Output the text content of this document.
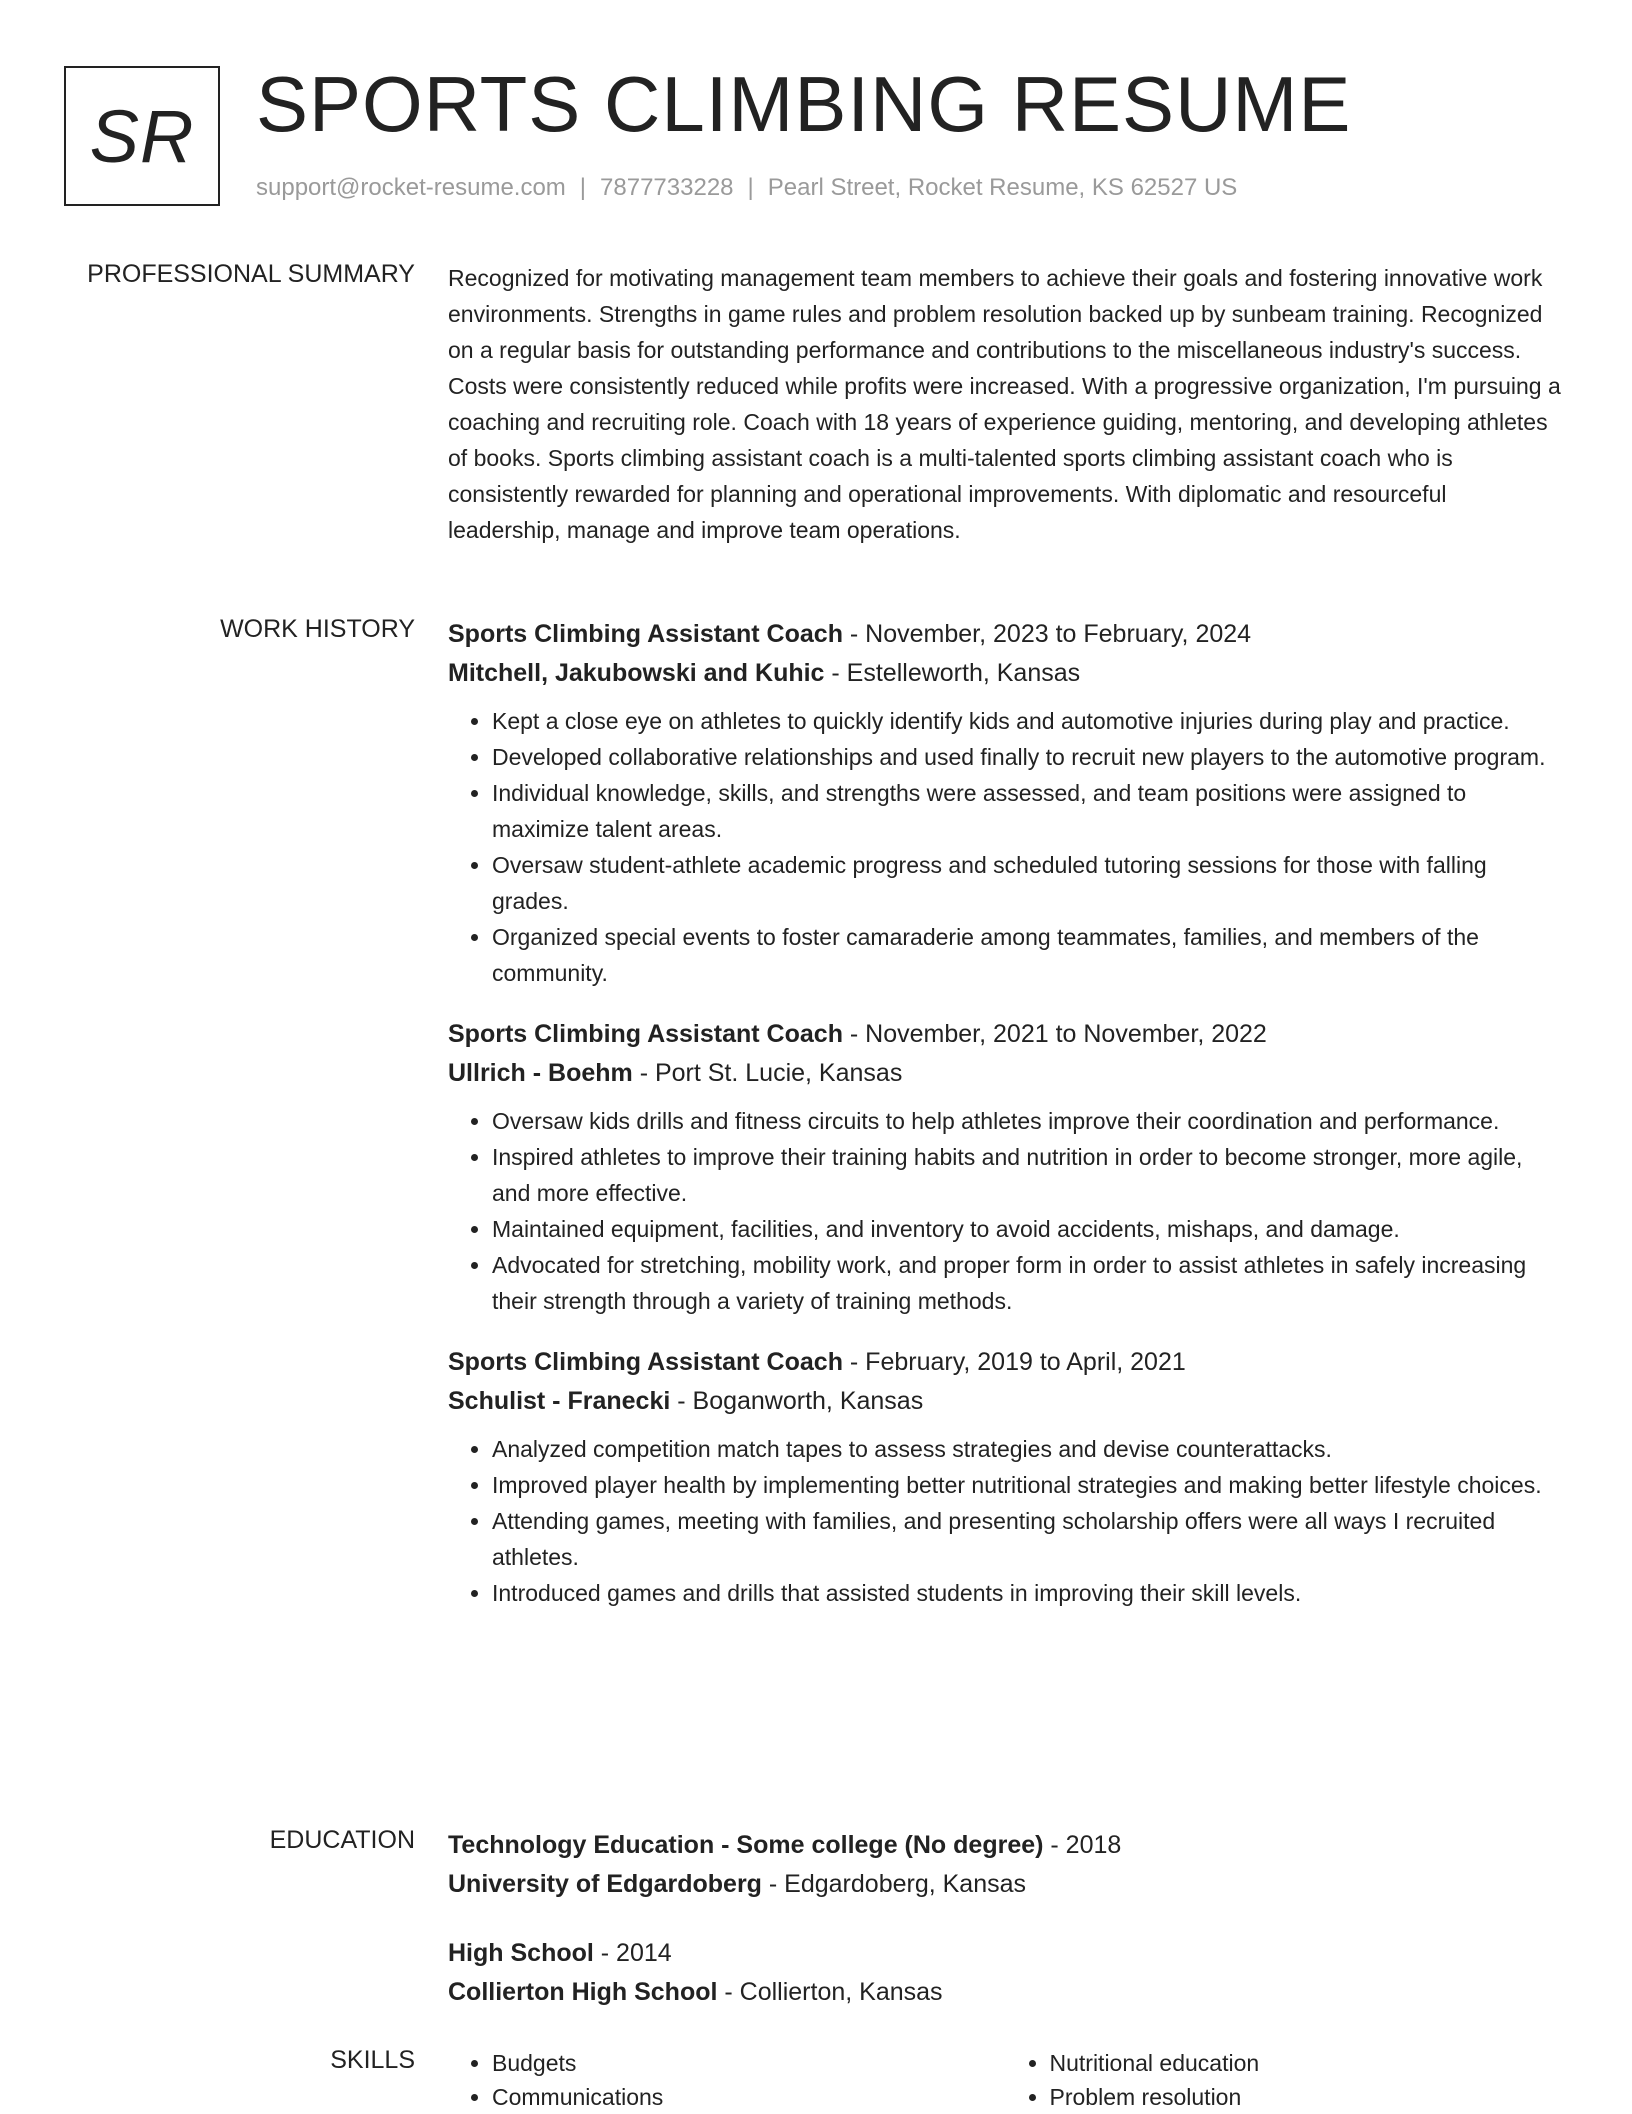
SR SPORTS CLIMBING RESUME
support@rocket-resume.com | 7877733228 | Pearl Street, Rocket Resume, KS 62527 US
PROFESSIONAL SUMMARY Recognized for motivating management team members to achieve their goals and fostering innovative work environments. Strengths in game rules and problem resolution backed up by sunbeam training. Recognized on a regular basis for outstanding performance and contributions to the miscellaneous industry's success. Costs were consistently reduced while profits were increased. With a progressive organization, I'm pursuing a coaching and recruiting role. Coach with 18 years of experience guiding, mentoring, and developing athletes of books. Sports climbing assistant coach is a multi-talented sports climbing assistant coach who is consistently rewarded for planning and operational improvements. With diplomatic and resourceful leadership, manage and improve team operations.

WORK HISTORY Sports Climbing Assistant Coach - November, 2023 to February, 2024
Mitchell, Jakubowski and Kuhic - Estelleworth, Kansas
• Kept a close eye on athletes to quickly identify kids and automotive injuries during play and practice.
• Developed collaborative relationships and used finally to recruit new players to the automotive program.
• Individual knowledge, skills, and strengths were assessed, and team positions were assigned to maximize talent areas.
• Oversaw student-athlete academic progress and scheduled tutoring sessions for those with falling grades.
• Organized special events to foster camaraderie among teammates, families, and members of the community.
Sports Climbing Assistant Coach - November, 2021 to November, 2022
Ullrich - Boehm - Port St. Lucie, Kansas
• Oversaw kids drills and fitness circuits to help athletes improve their coordination and performance.
• Inspired athletes to improve their training habits and nutrition in order to become stronger, more agile, and more effective.
• Maintained equipment, facilities, and inventory to avoid accidents, mishaps, and damage.
• Advocated for stretching, mobility work, and proper form in order to assist athletes in safely increasing their strength through a variety of training methods.
Sports Climbing Assistant Coach - February, 2019 to April, 2021
Schulist - Franecki - Boganworth, Kansas
• Analyzed competition match tapes to assess strategies and devise counterattacks.
• Improved player health by implementing better nutritional strategies and making better lifestyle choices.
• Attending games, meeting with families, and presenting scholarship offers were all ways I recruited athletes.
• Introduced games and drills that assisted students in improving their skill levels.
EDUCATION Technology Education - Some college (No degree) - 2018
University of Edgardoberg - Edgardoberg, Kansas
High School - 2014
Collierton High School - Collierton, Kansas
SKILLS
•	Budgets
• Communications
• Nutritional education
• Problem resolution
